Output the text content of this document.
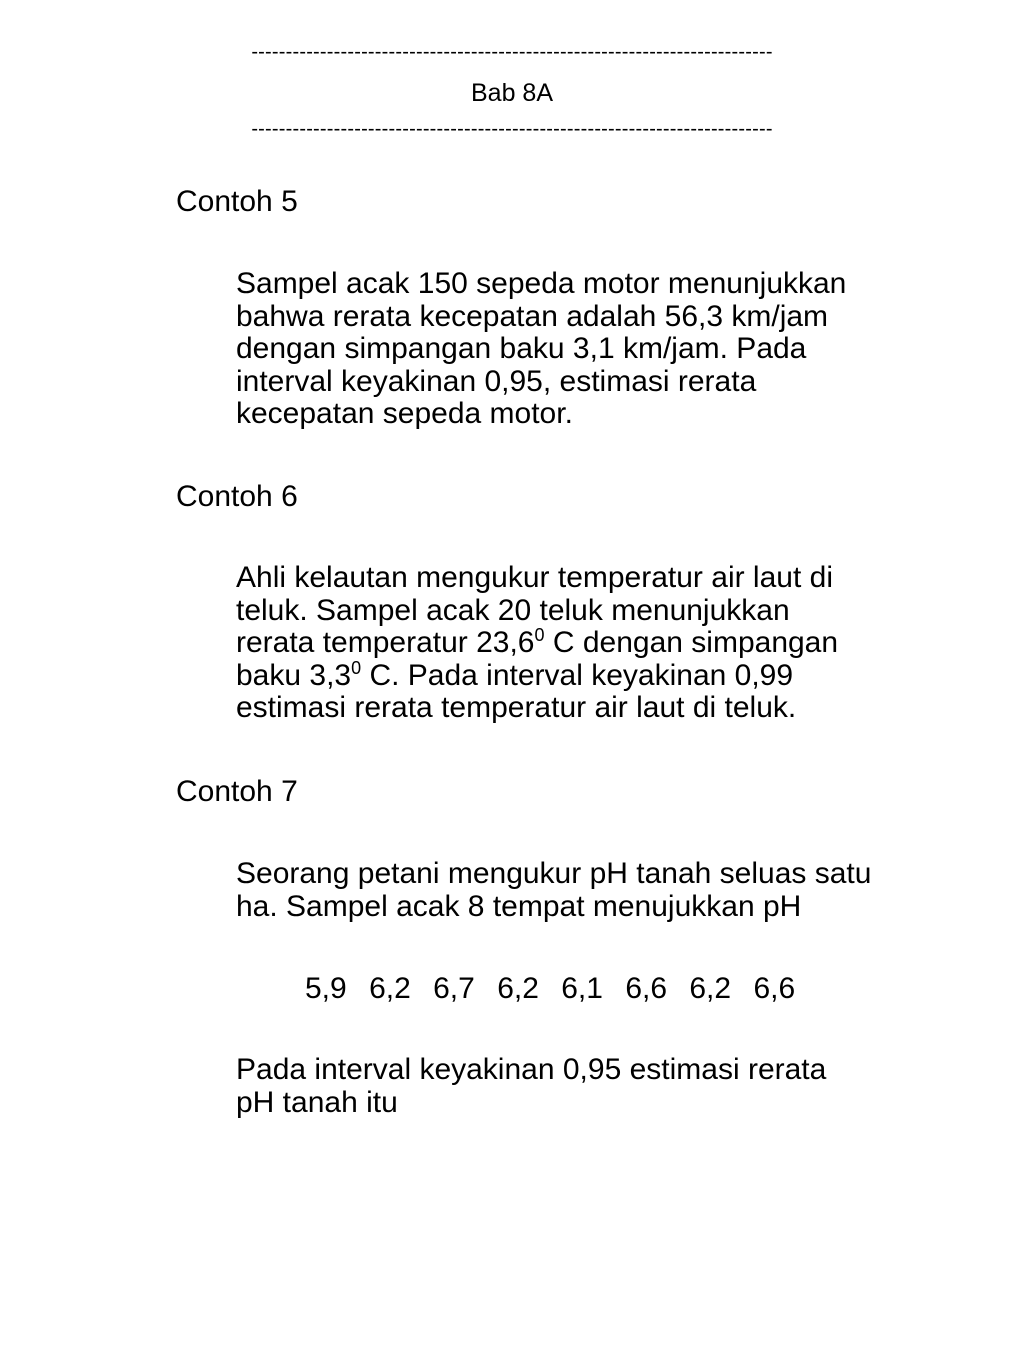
----------------------------------------------------------------------------
Bab 8A
----------------------------------------------------------------------------
Contoh 5

Sampel acak 150 sepeda motor menunjukkan
bahwa rerata kecepatan adalah 56,3 km/jam
dengan simpangan baku 3,1 km/jam. Pada
interval keyakinan 0,95, estimasi rerata
kecepatan sepeda motor.

Contoh 6

Ahli kelautan mengukur temperatur air laut di
teluk. Sampel acak 20 teluk menunjukkan
rerata temperatur 23,6$^0$ C dengan simpangan
baku $3,3^0$ C. Pada interval keyakinan 0,99
estimasi rerata temperatur air laut di teluk.

Contoh 7

Seorang petani mengukur pH tanah seluas satu
ha. Sampel acak 8 tempat menujukkan pH

5,9 6,2 6,7 6,2 6,1 6,6 6,2 6,6

Pada interval keyakinan 0,95 estimasi rerata
pH tanah itu
